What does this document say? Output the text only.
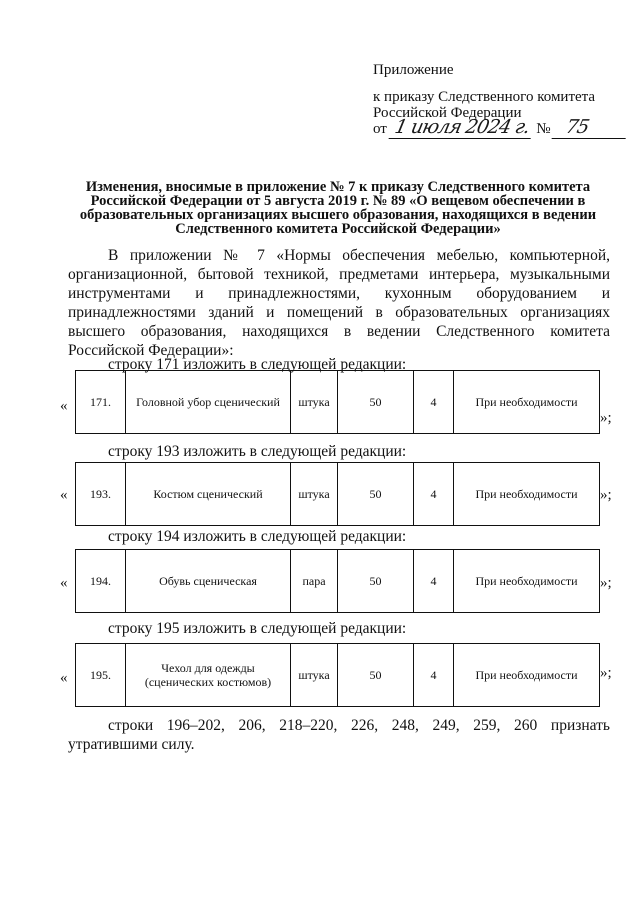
Приложение
к приказу Следственного комитета
Российской Федерации
от 1 июля 2024 г. № 75
Изменения, вносимые в приложение № 7 к приказу Следственного комитета Российской Федерации от 5 августа 2019 г. № 89 «О вещевом обеспечении в образовательных организациях высшего образования, находящихся в ведении Следственного комитета Российской Федерации»
В приложении № 7 «Нормы обеспечения мебелью, компьютерной, организационной, бытовой техникой, предметами интерьера, музыкальными инструментами и принадлежностями, кухонным оборудованием и принадлежностями зданий и помещений в образовательных организациях высшего образования, находящихся в ведении Следственного комитета Российской Федерации»:
строку 171 изложить в следующей редакции:
« 171.	Головной убор сценический	штука	50	4	При необходимости
»;
строку 193 изложить в следующей редакции:
« 193.	Костюм сценический	штука	50	4	При необходимости »;
строку 194 изложить в следующей редакции:
« 194.	Обувь сценическая	пара	50	4	При необходимости »;
строку 195 изложить в следующей редакции:
« 195.	Чехол для одежды (сценических костюмов)	штука	50	4	При необходимости »;
строки 196–202, 206, 218–220, 226, 248, 249, 259, 260 признать утратившими силу.
